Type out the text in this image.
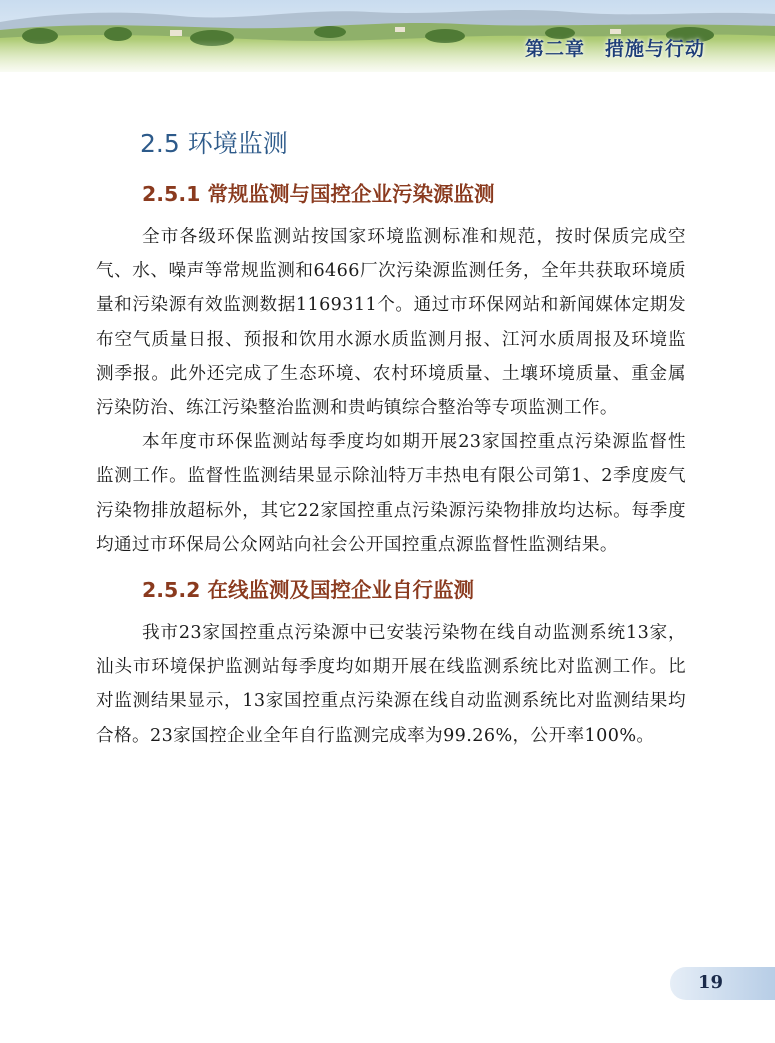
第二章　措施与行动
2.5 环境监测
2.5.1 常规监测与国控企业污染源监测

全市各级环保监测站按国家环境监测标准和规范，按时保质完成空气、水、噪声等常规监测和6466厂次污染源监测任务，全年共获取环境质量和污染源有效监测数据1169311个。通过市环保网站和新闻媒体定期发布空气质量日报、预报和饮用水源水质监测月报、江河水质周报及环境监测季报。此外还完成了生态环境、农村环境质量、土壤环境质量、重金属污染防治、练江污染整治监测和贵屿镇综合整治等专项监测工作。

本年度市环保监测站每季度均如期开展23家国控重点污染源监督性监测工作。监督性监测结果显示除汕特万丰热电有限公司第1、2季度废气污染物排放超标外，其它22家国控重点污染源污染物排放均达标。每季度均通过市环保局公众网站向社会公开国控重点源监督性监测结果。

2.5.2 在线监测及国控企业自行监测

我市23家国控重点污染源中已安装污染物在线自动监测系统13家，汕头市环境保护监测站每季度均如期开展在线监测系统比对监测工作。比对监测结果显示，13家国控重点污染源在线自动监测系统比对监测结果均合格。23家国控企业全年自行监测完成率为99.26%，公开率100%。

19
